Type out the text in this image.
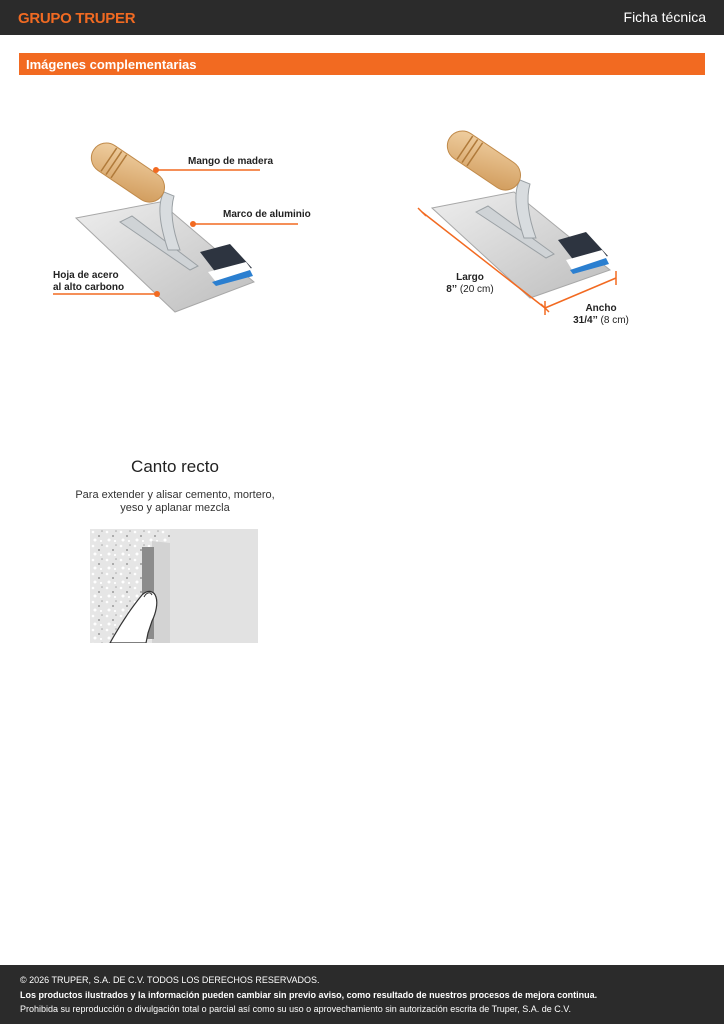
GRUPO TRUPER	Ficha técnica
Imágenes complementarias
Mango de madera
Marco de aluminio
Hoja de acero
al alto carbono
Largo
8’’ (20 cm)
Ancho
31/4’’ (8 cm)
Canto recto
Para extender y alisar cemento, mortero,
yeso y aplanar mezcla

© 2026 TRUPER, S.A. DE C.V. TODOS LOS DERECHOS RESERVADOS.

Los productos ilustrados y la información pueden cambiar sin previo aviso, como resultado de nuestros procesos de mejora continua.

Prohibida su reproducción o divulgación total o parcial así como su uso o aprovechamiento sin autorización escrita de Truper, S.A. de C.V.
